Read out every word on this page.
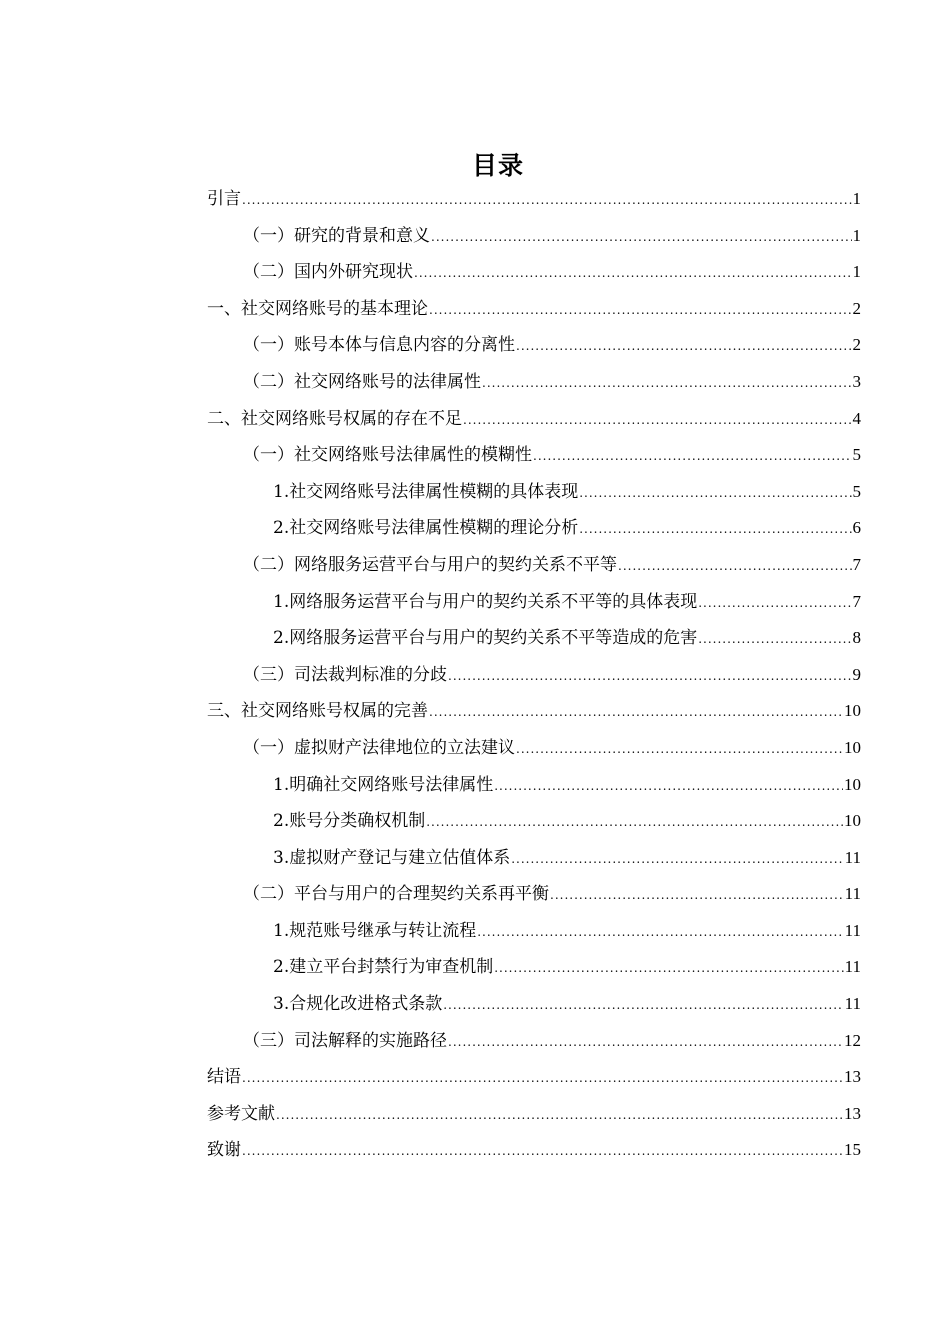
目录
引言 .....	1
（一）研究的背景和意义 .....	1
（二）国内外研究现状 .....	1
一、社交网络账号的基本理论 .....	2
（一）账号本体与信息内容的分离性 .....	2
（二）社交网络账号的法律属性 .....	3
二、社交网络账号权属的存在不足 .....	4
（一）社交网络账号法律属性的模糊性 .....	5
1.社交网络账号法律属性模糊的具体表现 .....	5
2.社交网络账号法律属性模糊的理论分析 .....	6
（二）网络服务运营平台与用户的契约关系不平等 .....	7
1.网络服务运营平台与用户的契约关系不平等的具体表现 .....	7
2.网络服务运营平台与用户的契约关系不平等造成的危害 .....	8
（三）司法裁判标准的分歧 .....	9
三、社交网络账号权属的完善 .....	10
（一）虚拟财产法律地位的立法建议 .....	10
1.明确社交网络账号法律属性 .....	10
2.账号分类确权机制 .....	10
3.虚拟财产登记与建立估值体系 .....	11
（二）平台与用户的合理契约关系再平衡 .....	11
1.规范账号继承与转让流程 .....	11
2.建立平台封禁行为审查机制 .....	11
3.合规化改进格式条款 .....	11
（三）司法解释的实施路径 .....	12
结语 .....	13
参考文献 .....	13
致谢 .....	15
